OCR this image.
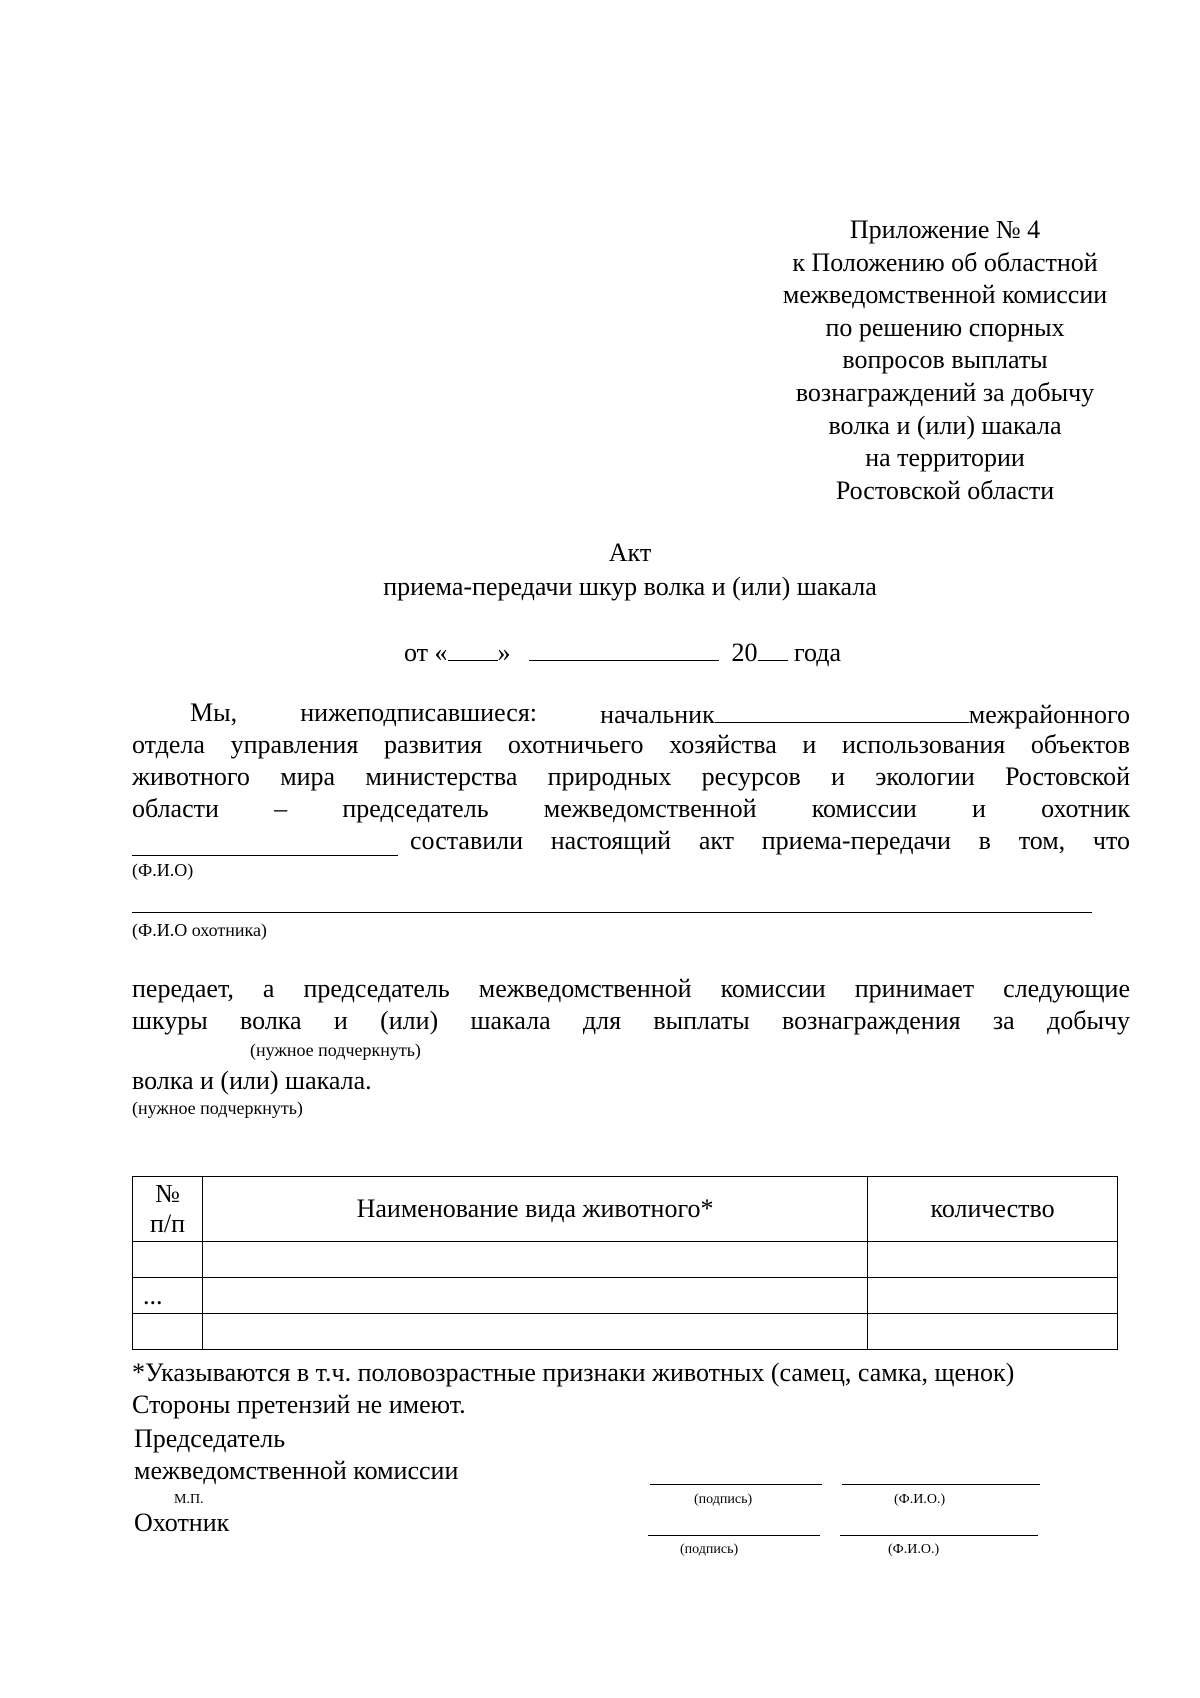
Приложение № 4
к Положению об областной
межведомственной комиссии
по решению спорных
вопросов выплаты
вознаграждений за добычу
волка и (или) шакала
на территории
Ростовской области
Акт
приема-передачи шкур волка и (или) шакала
от « »	20 года
Мы, нижеподписавшиеся: начальник	межрайонного
отдела управления развития охотничьего хозяйства и использования объектов
животного мира министерства природных ресурсов и экологии Ростовской
области – председатель межведомственной комиссии и охотник
составили настоящий акт приема-передачи в том, что
(Ф.И.О)
(Ф.И.О охотника)
передает, а председатель межведомственной комиссии принимает следующие
шкуры волка и (или) шакала для выплаты вознаграждения за добычу
(нужное подчеркнуть)
волка и (или) шакала.
(нужное подчеркнуть)
№
п/п	Наименование вида животного*	количество

...		

*Указываются в т.ч. половозрастные признаки животных (самец, самка, щенок)
Стороны претензий не имеют.
Председатель
межведомственной комиссии
М.П.	(подпись)	(Ф.И.О.)
Охотник
(подпись)	(Ф.И.О.)
